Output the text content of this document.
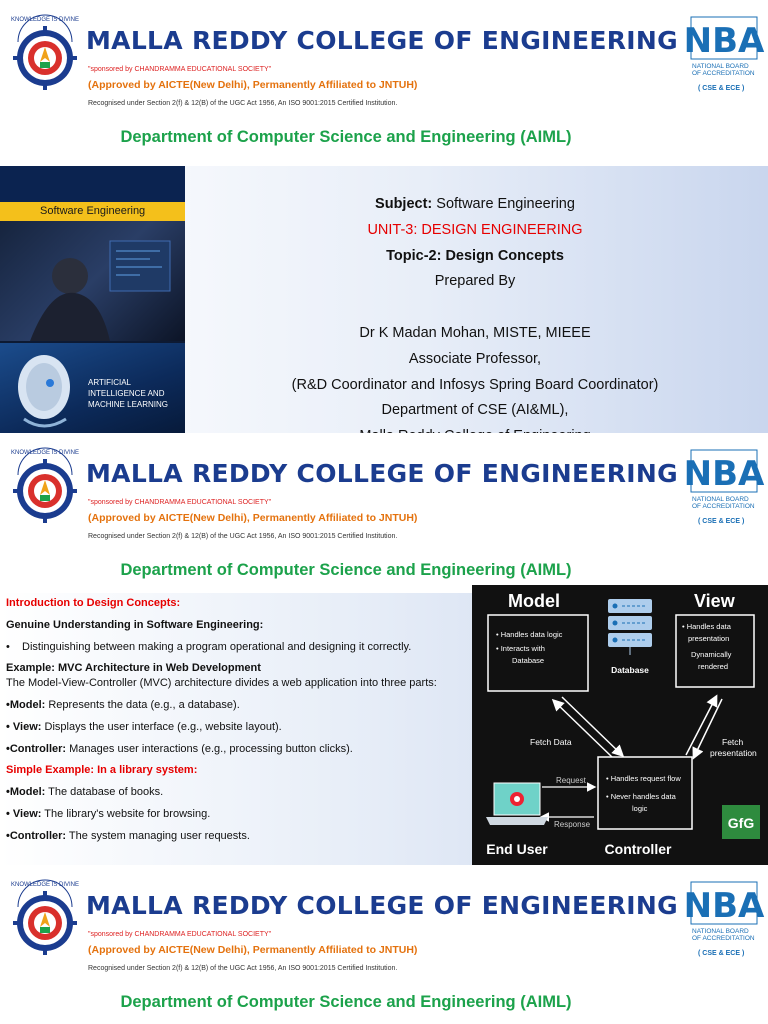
KNOWLEDGE IS DIVINE
MALLA REDDY COLLEGE OF ENGINEERING
"sponsored by CHANDRAMMA EDUCATIONAL SOCIETY"
(Approved by AICTE(New Delhi), Permanently Affiliated to JNTUH)
Recognised under Section 2(f) & 12(B) of the UGC Act 1956, An ISO 9001:2015 Certified Institution.
NBA
NATIONAL BOARD OF ACCREDITATION
( CSE & ECE )
Department of Computer Science and Engineering (AIML)
Software Engineering
ARTIFICIAL INTELLIGENCE AND MACHINE LEARNING
Subject: Software Engineering
UNIT-3: DESIGN ENGINEERING
Topic-2: Design Concepts
Prepared By
Dr K Madan Mohan, MISTE, MIEEE
Associate Professor,
(R&D Coordinator and Infosys Spring Board Coordinator)
Department of CSE (AI&ML),
KNOWLEDGE IS DIVINE
MALLA REDDY COLLEGE OF ENGINEERING
"sponsored by CHANDRAMMA EDUCATIONAL SOCIETY"
(Approved by AICTE(New Delhi), Permanently Affiliated to JNTUH)
Recognised under Section 2(f) & 12(B) of the UGC Act 1956, An ISO 9001:2015 Certified Institution.
NBA
NATIONAL BOARD OF ACCREDITATION
( CSE & ECE )
Department of Computer Science and Engineering (AIML)
Introduction to Design Concepts:
Genuine Understanding in Software Engineering:
• Distinguishing between making a program operational and designing it correctly.
Example: MVC Architecture in Web Development
The Model-View-Controller (MVC) architecture divides a web application into three parts:
•Model: Represents the data (e.g., a database).
• View: Displays the user interface (e.g., website layout).
•Controller: Manages user interactions (e.g., processing button clicks).
Simple Example: In a library system:
•Model: The database of books.
• View: The library's website for browsing.
•Controller: The system managing user requests.
Model
• Handles data logic
• Interacts with
Database
Database
View
• Handles data
presentation
Dynamically
rendered
Fetch Data	Fetch
presentation
• Handles request flow
• Never handles data
logic
Controller
Request
Response
End User
GfG
KNOWLEDGE IS DIVINE
MALLA REDDY COLLEGE OF ENGINEERING
"sponsored by CHANDRAMMA EDUCATIONAL SOCIETY"
(Approved by AICTE(New Delhi), Permanently Affiliated to JNTUH)
Recognised under Section 2(f) & 12(B) of the UGC Act 1956, An ISO 9001:2015 Certified Institution.
NBA
NATIONAL BOARD OF ACCREDITATION
( CSE & ECE )
Department of Computer Science and Engineering (AIML)
